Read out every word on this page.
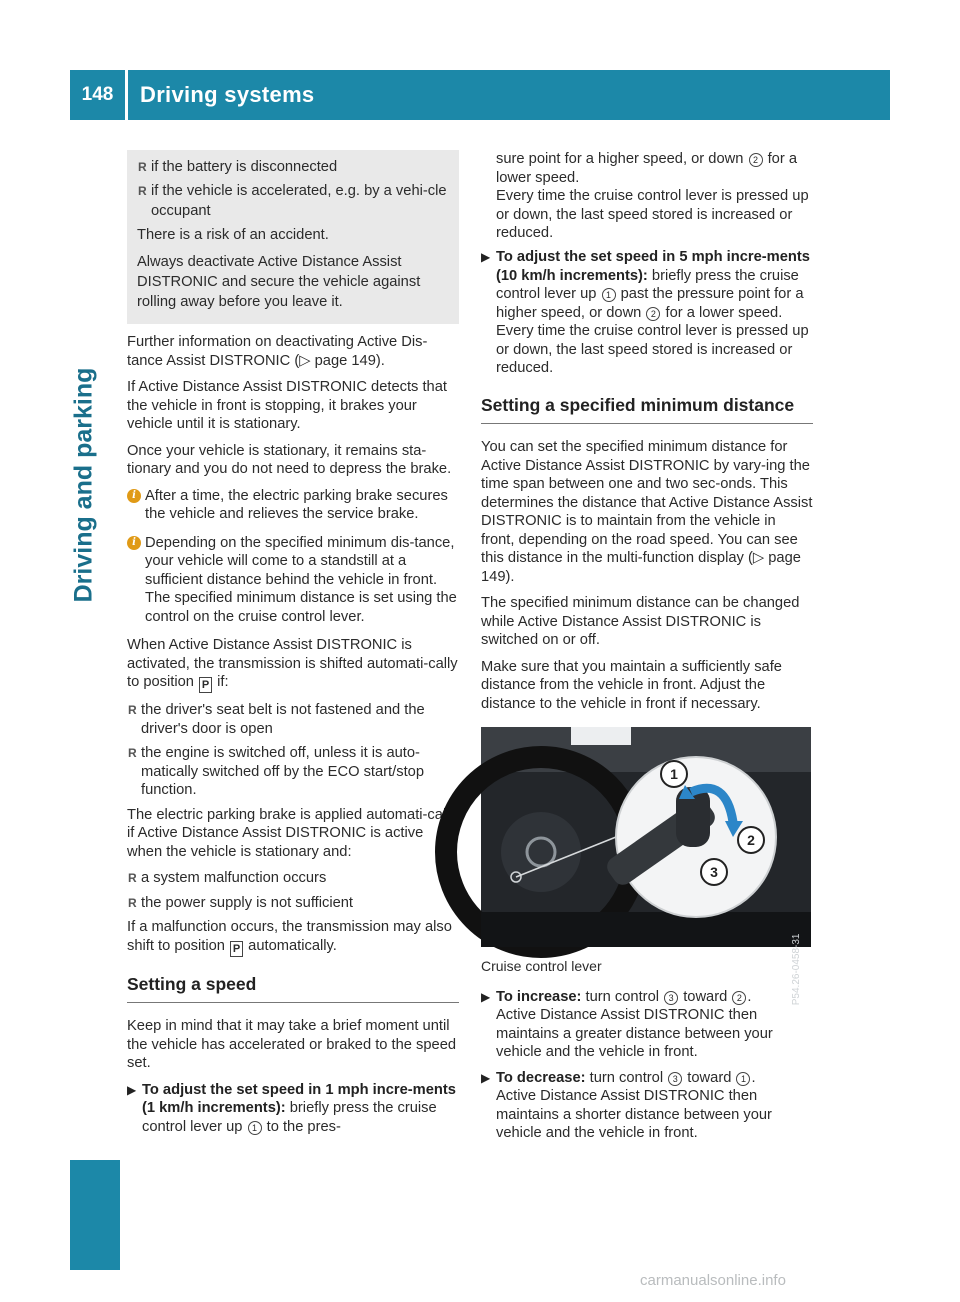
148	Driving systems
Driving and parking
R if the battery is disconnected
R if the vehicle is accelerated, e.g. by a vehi-cle occupant

There is a risk of an accident.

Always deactivate Active Distance Assist DISTRONIC and secure the vehicle against rolling away before you leave it.

Further information on deactivating Active Dis-tance Assist DISTRONIC (▷ page 149).

If Active Distance Assist DISTRONIC detects that the vehicle in front is stopping, it brakes your vehicle until it is stationary.

Once your vehicle is stationary, it remains sta-tionary and you do not need to depress the brake.

i After a time, the electric parking brake secures the vehicle and relieves the service brake.
i Depending on the specified minimum dis-tance, your vehicle will come to a standstill at a sufficient distance behind the vehicle in front. The specified minimum distance is set using the control on the cruise control lever.

When Active Distance Assist DISTRONIC is activated, the transmission is shifted automati-cally to position P if:

R the driver's seat belt is not fastened and the driver's door is open
R the engine is switched off, unless it is auto-matically switched off by the ECO start/stop function.

The electric parking brake is applied automati-cally if Active Distance Assist DISTRONIC is active when the vehicle is stationary and:

R a system malfunction occurs
R the power supply is not sufficient

If a malfunction occurs, the transmission may also shift to position P automatically.

Setting a speed

Keep in mind that it may take a brief moment until the vehicle has accelerated or braked to the speed set.

▶ To adjust the set speed in 1 mph incre-ments (1 km/h increments): briefly press the cruise control lever up 1 to the pres-

sure point for a higher speed, or down 2 for a lower speed.

Every time the cruise control lever is pressed up or down, the last speed stored is increased or reduced.

▶ To adjust the set speed in 5 mph incre-ments (10 km/h increments): briefly press the cruise control lever up 1 past the pressure point for a higher speed, or down 2 for a lower speed.
Every time the cruise control lever is pressed up or down, the last speed stored is increased or reduced.
Setting a specified minimum distance

You can set the specified minimum distance for Active Distance Assist DISTRONIC by vary-ing the time span between one and two sec-onds. This determines the distance that Active Distance Assist DISTRONIC is to maintain from the vehicle in front, depending on the road speed. You can see this distance in the multi-function display (▷ page 149).

The specified minimum distance can be changed while Active Distance Assist DISTRONIC is switched on or off.

Make sure that you maintain a sufficiently safe distance from the vehicle in front. Adjust the distance to the vehicle in front if necessary.

1
2
3
P54.26-0458-31

Cruise control lever

▶ To increase: turn control 3 toward 2 .
Active Distance Assist DISTRONIC then maintains a greater distance between your vehicle and the vehicle in front.
▶ To decrease: turn control 3 toward 1 .
Active Distance Assist DISTRONIC then maintains a shorter distance between your vehicle and the vehicle in front.
carmanualsonline.info
